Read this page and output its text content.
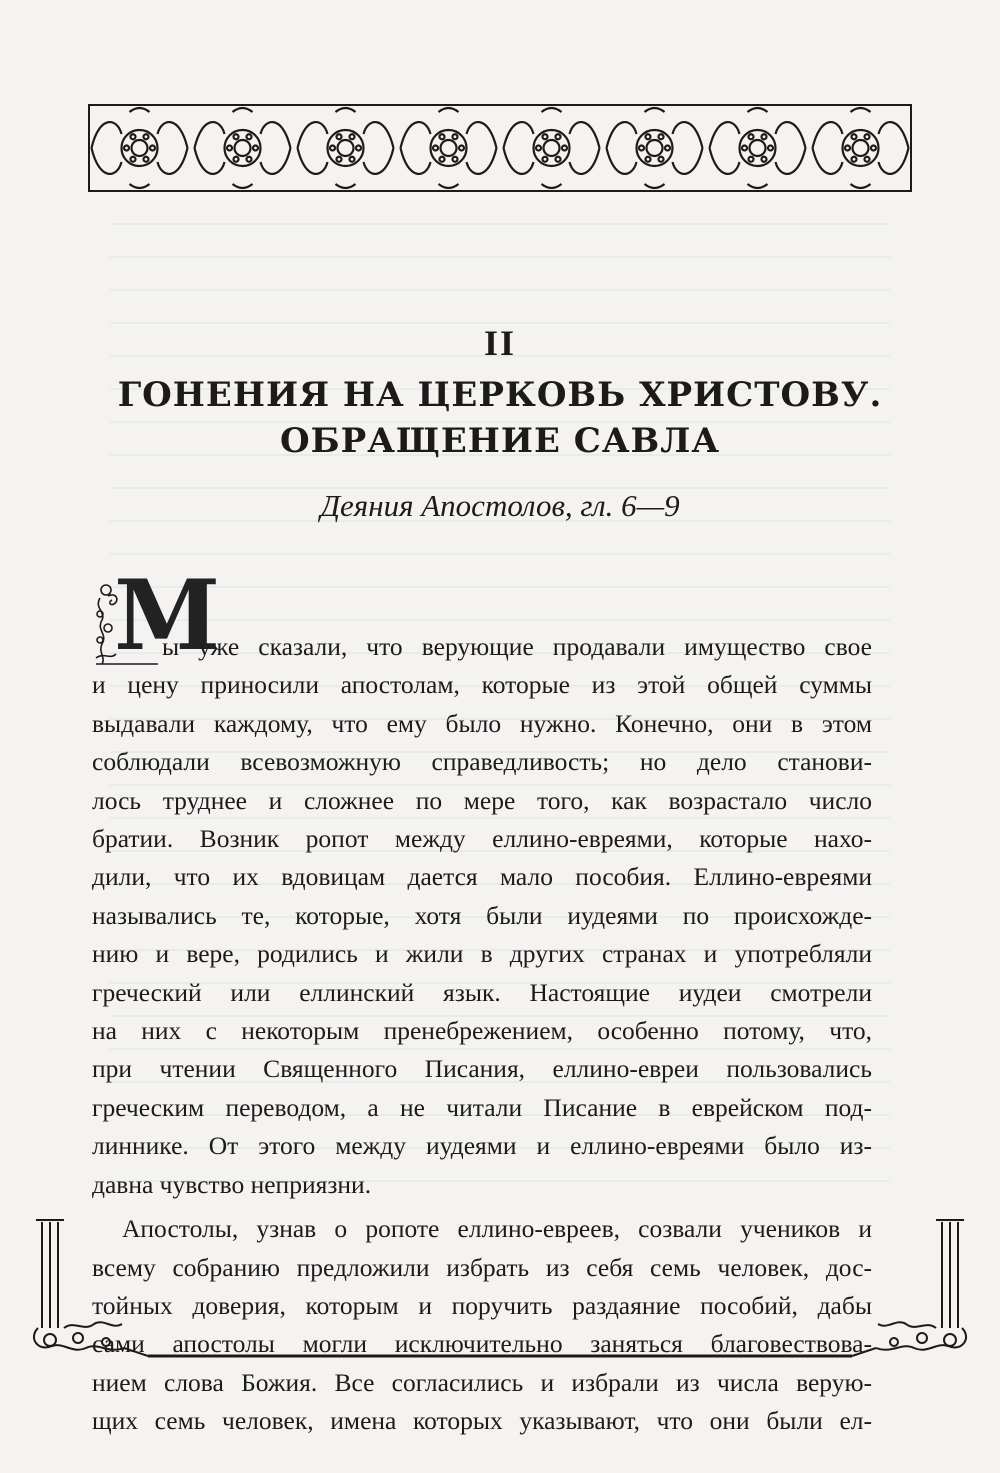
II
ГОНЕНИЯ НА ЦЕРКОВЬ ХРИСТОВУ.
ОБРАЩЕНИЕ САВЛА
Деяния Апостолов, гл. 6—9
М
ы уже сказали, что верующие продавали имущество свое
и цену приносили апостолам, которые из этой общей суммы
выдавали каждому, что ему было нужно. Конечно, они в этом
соблюдали всевозможную справедливость; но дело станови-
лось труднее и сложнее по мере того, как возрастало число
братии. Возник ропот между еллино-евреями, которые нахо-
дили, что их вдовицам дается мало пособия. Еллино-евреями
назывались те, которые, хотя были иудеями по происхожде-
нию и вере, родились и жили в других странах и употребляли
греческий или еллинский язык. Настоящие иудеи смотрели
на них с некоторым пренебрежением, особенно потому, что,
при чтении Священного Писания, еллино-евреи пользовались
греческим переводом, а не читали Писание в еврейском под-
линнике. От этого между иудеями и еллино-евреями было из-
давна чувство неприязни.
Апостолы, узнав о ропоте еллино-евреев, созвали учеников и
всему собранию предложили избрать из себя семь человек, дос-
тойных доверия, которым и поручить раздаяние пособий, дабы
сами апостолы могли исключительно заняться благовествова-
нием слова Божия. Все согласились и избрали из числа верую-
щих семь человек, имена которых указывают, что они были ел-
